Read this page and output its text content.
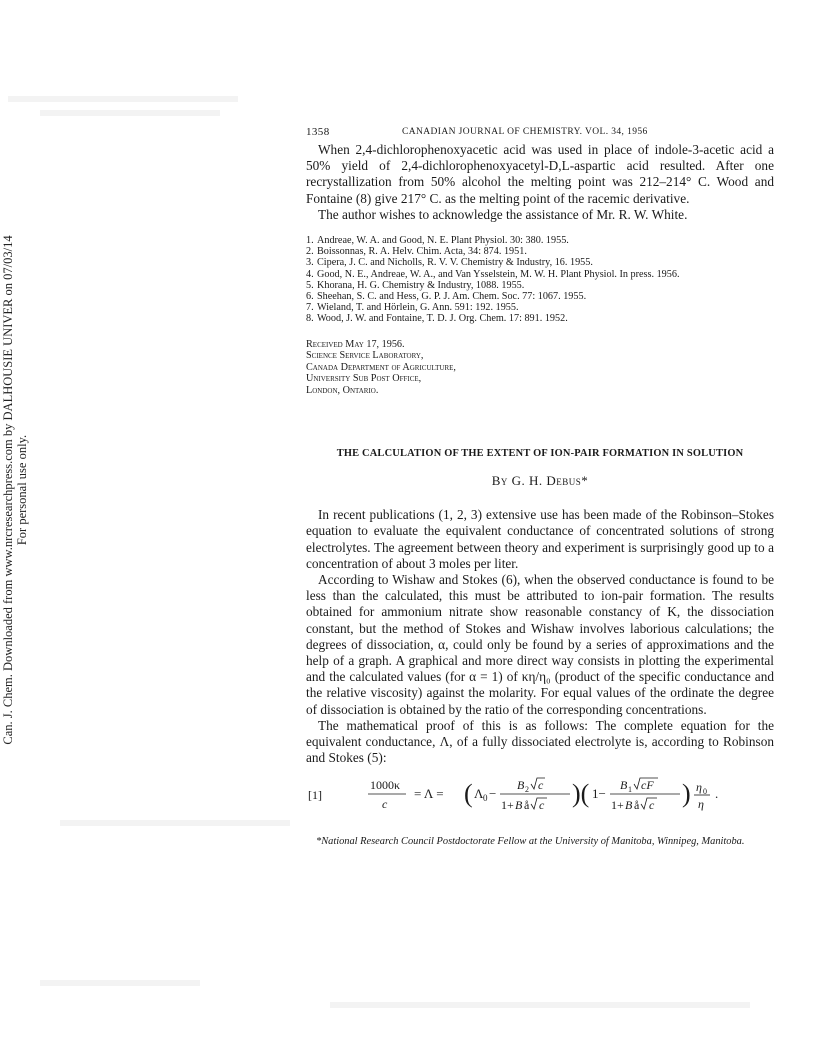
Can. J. Chem. Downloaded from www.nrcresearchpress.com by DALHOUSIE UNIVER on 07/03/14 For personal use only.
1358	CANADIAN JOURNAL OF CHEMISTRY. VOL. 34, 1956

When 2,4-dichlorophenoxyacetic acid was used in place of indole-3-acetic acid a 50% yield of 2,4-dichlorophenoxyacetyl-D,L-aspartic acid resulted. After one recrystallization from 50% alcohol the melting point was 212–214° C. Wood and Fontaine (8) give 217° C. as the melting point of the racemic derivative.

The author wishes to acknowledge the assistance of Mr. R. W. White.

1. Andreae, W. A. and Good, N. E. Plant Physiol. 30: 380. 1955.
2. Boissonnas, R. A. Helv. Chim. Acta, 34: 874. 1951.
3. Cipera, J. C. and Nicholls, R. V. V. Chemistry & Industry, 16. 1955.
4. Good, N. E., Andreae, W. A., and Van Ysselstein, M. W. H. Plant Physiol. In press. 1956.
5. Khorana, H. G. Chemistry & Industry, 1088. 1955.
6. Sheehan, S. C. and Hess, G. P. J. Am. Chem. Soc. 77: 1067. 1955.
7. Wieland, T. and Hörlein, G. Ann. 591: 192. 1955.
8. Wood, J. W. and Fontaine, T. D. J. Org. Chem. 17: 891. 1952.
Received May 17, 1956.
Science Service Laboratory,
Canada Department of Agriculture,
University Sub Post Office,
London, Ontario.
THE CALCULATION OF THE EXTENT OF ION-PAIR FORMATION IN SOLUTION
By G. H. Debus*

In recent publications (1, 2, 3) extensive use has been made of the Robinson–Stokes equation to evaluate the equivalent conductance of concentrated solutions of strong electrolytes. The agreement between theory and experiment is surprisingly good up to a concentration of about 3 moles per liter.

According to Wishaw and Stokes (6), when the observed conductance is found to be less than the calculated, this must be attributed to ion-pair formation. The results obtained for ammonium nitrate show reasonable constancy of K, the dissociation constant, but the method of Stokes and Wishaw involves laborious calculations; the degrees of dissociation, α, could only be found by a series of approximations and the help of a graph. A graphical and more direct way consists in plotting the experimental and the calculated values (for α = 1) of κη/η₀ (product of the specific conductance and the relative viscosity) against the molarity. For equal values of the ordinate the degree of dissociation is obtained by the ratio of the corresponding concentrations.

The mathematical proof of this is as follows: The complete equation for the equivalent conductance, Λ, of a fully dissociated electrolyte is, according to Robinson and Stokes (5):

[1]
1000κ
c
= Λ = ( Λ 0 −
B 2 c
1+ B å c )( 1−
B 1 cF
1+ B å c ) η 0
η
.
*National Research Council Postdoctorate Fellow at the University of Manitoba, Winnipeg, Manitoba.
